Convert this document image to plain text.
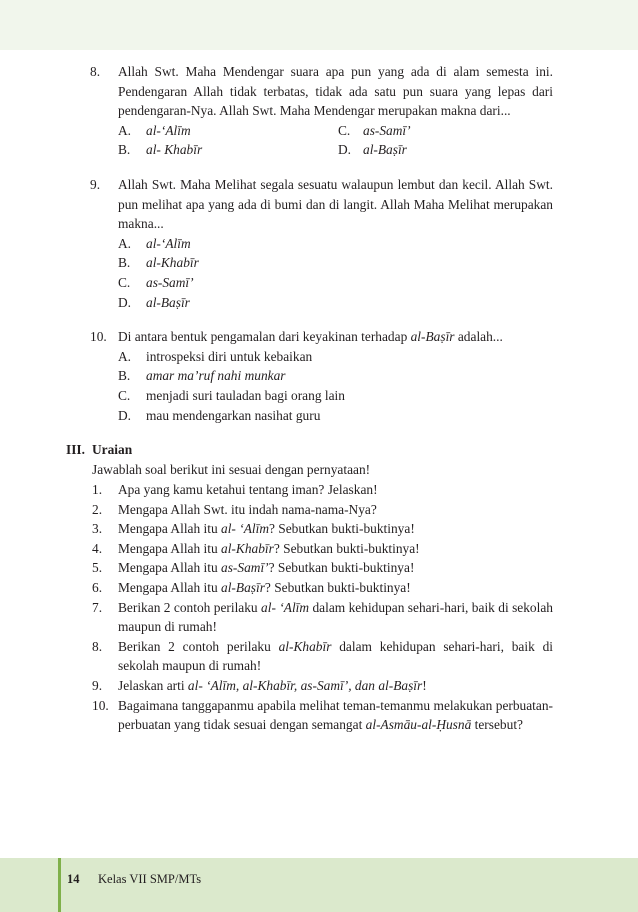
8.	Allah Swt. Maha Mendengar suara apa pun yang ada di alam semesta ini. Pendengaran Allah tidak terbatas, tidak ada satu pun suara yang lepas dari pendengaran-Nya. Allah Swt. Maha Mendengar merupakan makna dari...
A. al-‘Alīm	C. as-Samī’
B. al- Khabīr	D. al-Baṣīr
9.	Allah Swt. Maha Melihat segala sesuatu walaupun lembut dan kecil. Allah Swt. pun melihat apa yang ada di bumi dan di langit. Allah Maha Melihat merupakan makna...
A. al-‘Alīm
B. al-Khabīr
C. as-Samī’
D. al-Baṣīr
10. Di antara bentuk pengamalan dari keyakinan terhadap al-Baṣīr adalah...
A. introspeksi diri untuk kebaikan
B. amar ma’ruf nahi munkar
C. menjadi suri tauladan bagi orang lain
D. mau mendengarkan nasihat guru
III. Uraian
Jawablah soal berikut ini sesuai dengan pernyataan!
1.	Apa yang kamu ketahui tentang iman? Jelaskan!
2.	Mengapa Allah Swt. itu indah nama-nama-Nya?
3.	Mengapa Allah itu al- ‘Alīm? Sebutkan bukti-buktinya!
4.	Mengapa Allah itu al-Khabīr? Sebutkan bukti-buktinya!
5.	Mengapa Allah itu as-Samī’? Sebutkan bukti-buktinya!
6.	Mengapa Allah itu al-Baṣīr? Sebutkan bukti-buktinya!
7.	Berikan 2 contoh perilaku al- ‘Alīm dalam kehidupan sehari-hari, baik di sekolah maupun di rumah!
8.	Berikan 2 contoh perilaku al-Khabīr dalam kehidupan sehari-hari, baik di sekolah maupun di rumah!
9.	Jelaskan arti al- ‘Alīm, al-Khabīr, as-Samī’, dan al-Baṣīr!
10. Bagaimana tanggapanmu apabila melihat teman-temanmu melakukan perbuatan-perbuatan yang tidak sesuai dengan semangat al-Asmāu-al-Ḥusnā tersebut?
14 Kelas VII SMP/MTs
